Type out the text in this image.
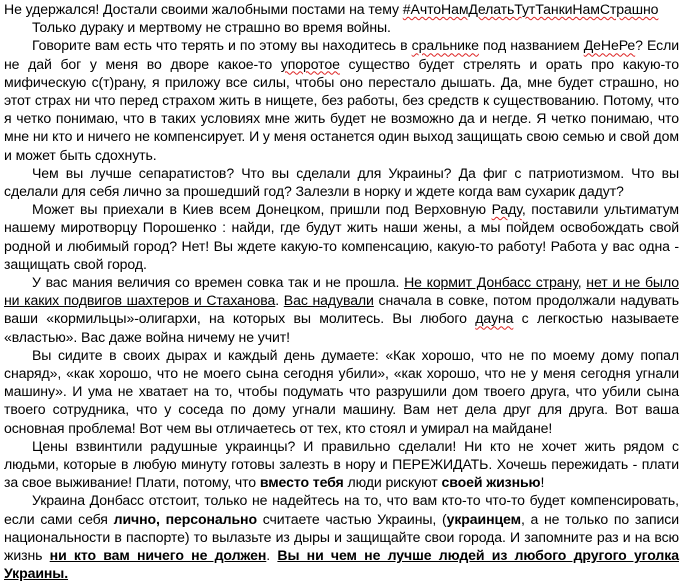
Не удержался! Достали своими жалобными постами на тему #АчтоНамДелатьТутТанкиНамСтрашно

Только дураку и мертвому не страшно во время войны.

Говорите вам есть что терять и по этому вы находитесь в сральнике под названием ДеНеРе? Если не дай бог у меня во дворе какое-то упоротое существо будет стрелять и орать про какую-то мифическую с(т)рану, я приложу все силы, чтобы оно перестало дышать. Да, мне будет страшно, но этот страх ни что перед страхом жить в нищете, без работы, без средств к существованию. Потому, что я четко понимаю, что в таких условиях мне жить будет не возможно да и негде. Я четко понимаю, что мне ни кто и ничего не компенсирует. И у меня останется один выход защищать свою семью и свой дом и может быть сдохнуть.

Чем вы лучше сепаратистов? Что вы сделали для Украины? Да фиг с патриотизмом. Что вы сделали для себя лично за прошедший год? Залезли в норку и ждете когда вам сухарик дадут?

Может вы приехали в Киев всем Донецком, пришли под Верховную Раду, поставили ультиматум нашему миротворцу Порошенко : найди, где будут жить наши жены, а мы пойдем освобождать свой родной и любимый город? Нет! Вы ждете какую-то компенсацию, какую-то работу! Работа у вас одна - защищать свой город.

У вас мания величия со времен совка так и не прошла. Не кормит Донбасс страну, нет и не было ни каких подвигов шахтеров и Стаханова. Вас надували сначала в совке, потом продолжали надувать ваши «кормильцы»-олигархи, на которых вы молитесь. Вы любого дауна с легкостью называете «властью». Вас даже война ничему не учит!

Вы сидите в своих дырах и каждый день думаете: «Как хорошо, что не по моему дому попал снаряд», «как хорошо, что не моего сына сегодня убили», «как хорошо, что не у меня сегодня угнали машину». И ума не хватает на то, чтобы подумать что разрушили дом твоего друга, что убили сына твоего сотрудника, что у соседа по дому угнали машину. Вам нет дела друг для друга. Вот ваша основная проблема! Вот чем вы отличаетесь от тех, кто стоял и умирал на майдане!

Цены взвинтили радушные украинцы? И правильно сделали! Ни кто не хочет жить рядом с людьми, которые в любую минуту готовы залезть в нору и ПЕРЕЖИДАТЬ. Хочешь пережидать - плати за свое выживание! Плати, потому, что вместо тебя люди рискуют своей жизнью!

Украина Донбасс отстоит, только не надейтесь на то, что вам кто-то что-то будет компенсировать, если сами себя лично, персонально считаете частью Украины, (украинцем, а не только по записи национальности в паспорте) то вылазьте из дыры и защищайте свои города. И запомните раз и на всю жизнь ни кто вам ничего не должен. Вы ни чем не лучше людей из любого другого уголка Украины.
